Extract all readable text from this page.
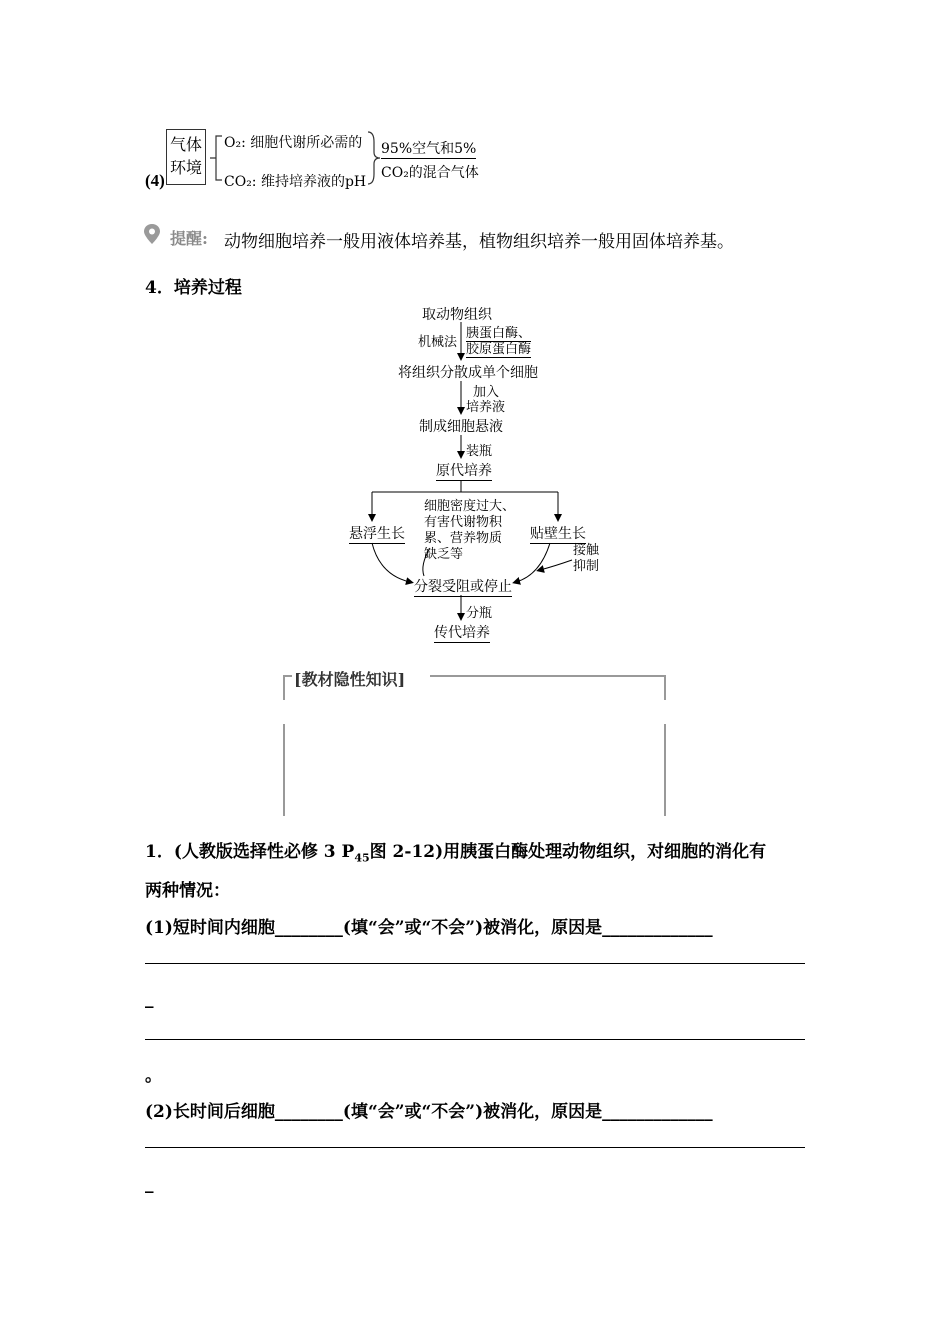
(4)
气体
环境
O₂: 细胞代谢所必需的
CO₂: 维持培养液的pH
95%空气和5%
CO₂的混合气体
提醒: 动物细胞培养一般用液体培养基，植物组织培养一般用固体培养基。
4．培养过程
取动物组织
机械法
胰蛋白酶、
胶原蛋白酶
将组织分散成单个细胞
加入
培养液
制成细胞悬液
装瓶
原代培养
悬浮生长	贴壁生长
细胞密度过大、
有害代谢物积
累、营养物质
缺乏等	接触
抑制
分裂受阻或停止
分瓶
传代培养
[教材隐性知识]
1．(人教版选择性必修 3 $P_{45}$图 2-12)用胰蛋白酶处理动物组织，对细胞的消化有
两种情况：
(1)短时间内细胞________(填“会”或“不会”)被消化，原因是_____________
_
。
(2)长时间后细胞________(填“会”或“不会”)被消化，原因是_____________
_
